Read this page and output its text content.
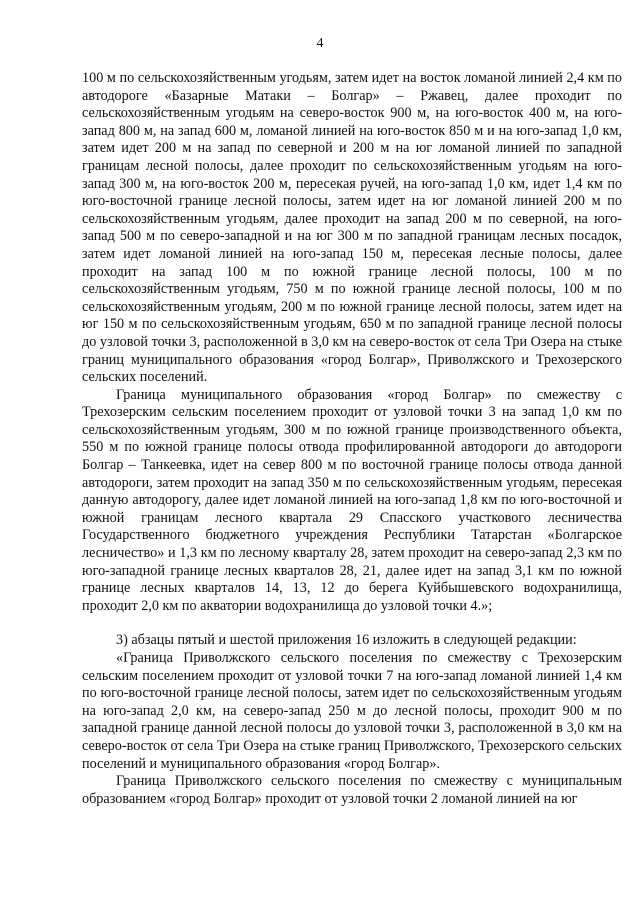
4

100 м по сельскохозяйственным угодьям, затем идет на восток ломаной линией 2,4 км по автодороге «Базарные Матаки – Болгар» – Ржавец, далее проходит по сельскохозяйственным угодьям на северо-восток 900 м, на юго-восток 400 м, на юго-запад 800 м, на запад 600 м, ломаной линией на юго-восток 850 м и на юго-запад 1,0 км, затем идет 200 м на запад по северной и 200 м на юг ломаной линией по западной границам лесной полосы, далее проходит по сельскохозяйственным угодьям на юго-запад 300 м, на юго-восток 200 м, пересекая ручей, на юго-запад 1,0 км, идет 1,4 км по юго-восточной границе лесной полосы, затем идет на юг ломаной линией 200 м по сельскохозяйственным угодьям, далее проходит на запад 200 м по северной, на юго-запад 500 м по северо-западной и на юг 300 м по западной границам лесных посадок, затем идет ломаной линией на юго-запад 150 м, пересекая лесные полосы, далее проходит на запад 100 м по южной границе лесной полосы, 100 м по сельскохозяйственным угодьям, 750 м по южной границе лесной полосы, 100 м по сельскохозяйственным угодьям, 200 м по южной границе лесной полосы, затем идет на юг 150 м по сельскохозяйственным угодьям, 650 м по западной границе лесной полосы до узловой точки 3, расположенной в 3,0 км на северо-восток от села Три Озера на стыке границ муниципального образования «город Болгар», Приволжского и Трехозерского сельских поселений.

Граница муниципального образования «город Болгар» по смежеству с Трехозерским сельским поселением проходит от узловой точки 3 на запад 1,0 км по сельскохозяйственным угодьям, 300 м по южной границе производственного объекта, 550 м по южной границе полосы отвода профилированной автодороги до автодороги Болгар – Танкеевка, идет на север 800 м по восточной границе полосы отвода данной автодороги, затем проходит на запад 350 м по сельскохозяйственным угодьям, пересекая данную автодорогу, далее идет ломаной линией на юго-запад 1,8 км по юго-восточной и южной границам лесного квартала 29 Спасского участкового лесничества Государственного бюджетного учреждения Республики Татарстан «Болгарское лесничество» и 1,3 км по лесному кварталу 28, затем проходит на северо-запад 2,3 км по юго-западной границе лесных кварталов 28, 21, далее идет на запад 3,1 км по южной границе лесных кварталов 14, 13, 12 до берега Куйбышевского водохранилища, проходит 2,0 км по акватории водохранилища до узловой точки 4.»;

3) абзацы пятый и шестой приложения 16 изложить в следующей редакции:

«Граница Приволжского сельского поселения по смежеству с Трехозерским сельским поселением проходит от узловой точки 7 на юго-запад ломаной линией 1,4 км по юго-восточной границе лесной полосы, затем идет по сельскохозяйственным угодьям на юго-запад 2,0 км, на северо-запад 250 м до лесной полосы, проходит 900 м по западной границе данной лесной полосы до узловой точки 3, расположенной в 3,0 км на северо-восток от села Три Озера на стыке границ Приволжского, Трехозерского сельских поселений и муниципального образования «город Болгар».

Граница Приволжского сельского поселения по смежеству с муниципальным образованием «город Болгар» проходит от узловой точки 2 ломаной линией на юг
